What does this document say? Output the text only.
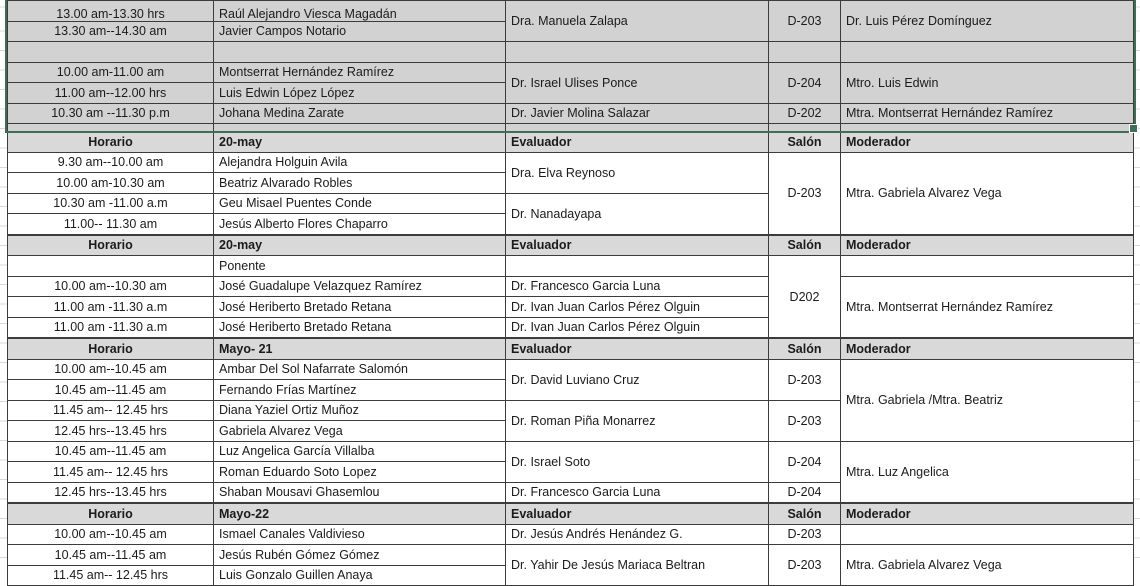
13.00 am-13.30 hrs	Raúl Alejandro Viesca Magadán	Dra. Manuela Zalapa	D-203	Dr. Luis Pérez Domínguez
13.30 am--14.30 am	Javier Campos Notario			

10.00 am-11.00 am	Montserrat Hernández Ramírez	Dr. Israel Ulises Ponce	D-204	Mtro. Luis Edwin
11.00 am--12.00 hrs	Luis Edwin López López			
10.30 am --11.30 p.m	Johana Medina Zarate	Dr. Javier Molina Salazar	D-202	Mtra. Montserrat Hernández Ramírez

Horario	20-may	Evaluador	Salón	Moderador
9.30 am--10.00 am	Alejandra Holguin Avila	Dra. Elva Reynoso	D-203	Mtra. Gabriela Alvarez Vega
10.00 am-10.30 am	Beatriz Alvarado Robles			
10.30 am -11.00 a.m	Geu Misael Puentes Conde	Dr. Nanadayapa		
11.00-- 11.30 am	Jesús Alberto Flores Chaparro			
Horario	20-may	Evaluador	Salón	Moderador
	Ponente		D202	
10.00 am--10.30 am	José Guadalupe Velazquez Ramírez	Dr. Francesco Garcia Luna		Mtra. Montserrat Hernández Ramírez
11.00 am -11.30 a.m	José Heriberto Bretado Retana	Dr. Ivan Juan Carlos Pérez Olguin		
11.00 am -11.30 a.m	José Heriberto Bretado Retana	Dr. Ivan Juan Carlos Pérez Olguin		
Horario	Mayo- 21	Evaluador	Salón	Moderador
10.00 am--10.45 am	Ambar Del Sol Nafarrate Salomón	Dr. David Luviano Cruz	D-203	Mtra. Gabriela /Mtra. Beatriz
10.45 am--11.45 am	Fernando Frías Martínez			
11.45 am-- 12.45 hrs	Diana Yaziel Ortiz Muñoz	Dr. Roman Piña Monarrez	D-203	
12.45 hrs--13.45 hrs	Gabriela Alvarez Vega			
10.45 am--11.45 am	Luz Angelica García Villalba	Dr. Israel Soto	D-204	Mtra. Luz Angelica
11.45 am-- 12.45 hrs	Roman Eduardo Soto Lopez			
12.45 hrs--13.45 hrs	Shaban Mousavi Ghasemlou	Dr. Francesco Garcia Luna	D-204	
Horario	Mayo-22	Evaluador	Salón	Moderador
10.00 am--10.45 am	Ismael Canales Valdivieso	Dr. Jesús Andrés Henández G.	D-203	
10.45 am--11.45 am	Jesús Rubén Gómez Gómez	Dr. Yahir De Jesús Mariaca Beltran	D-203	Mtra. Gabriela Alvarez Vega
11.45 am-- 12.45 hrs	Luis Gonzalo Guillen Anaya			
